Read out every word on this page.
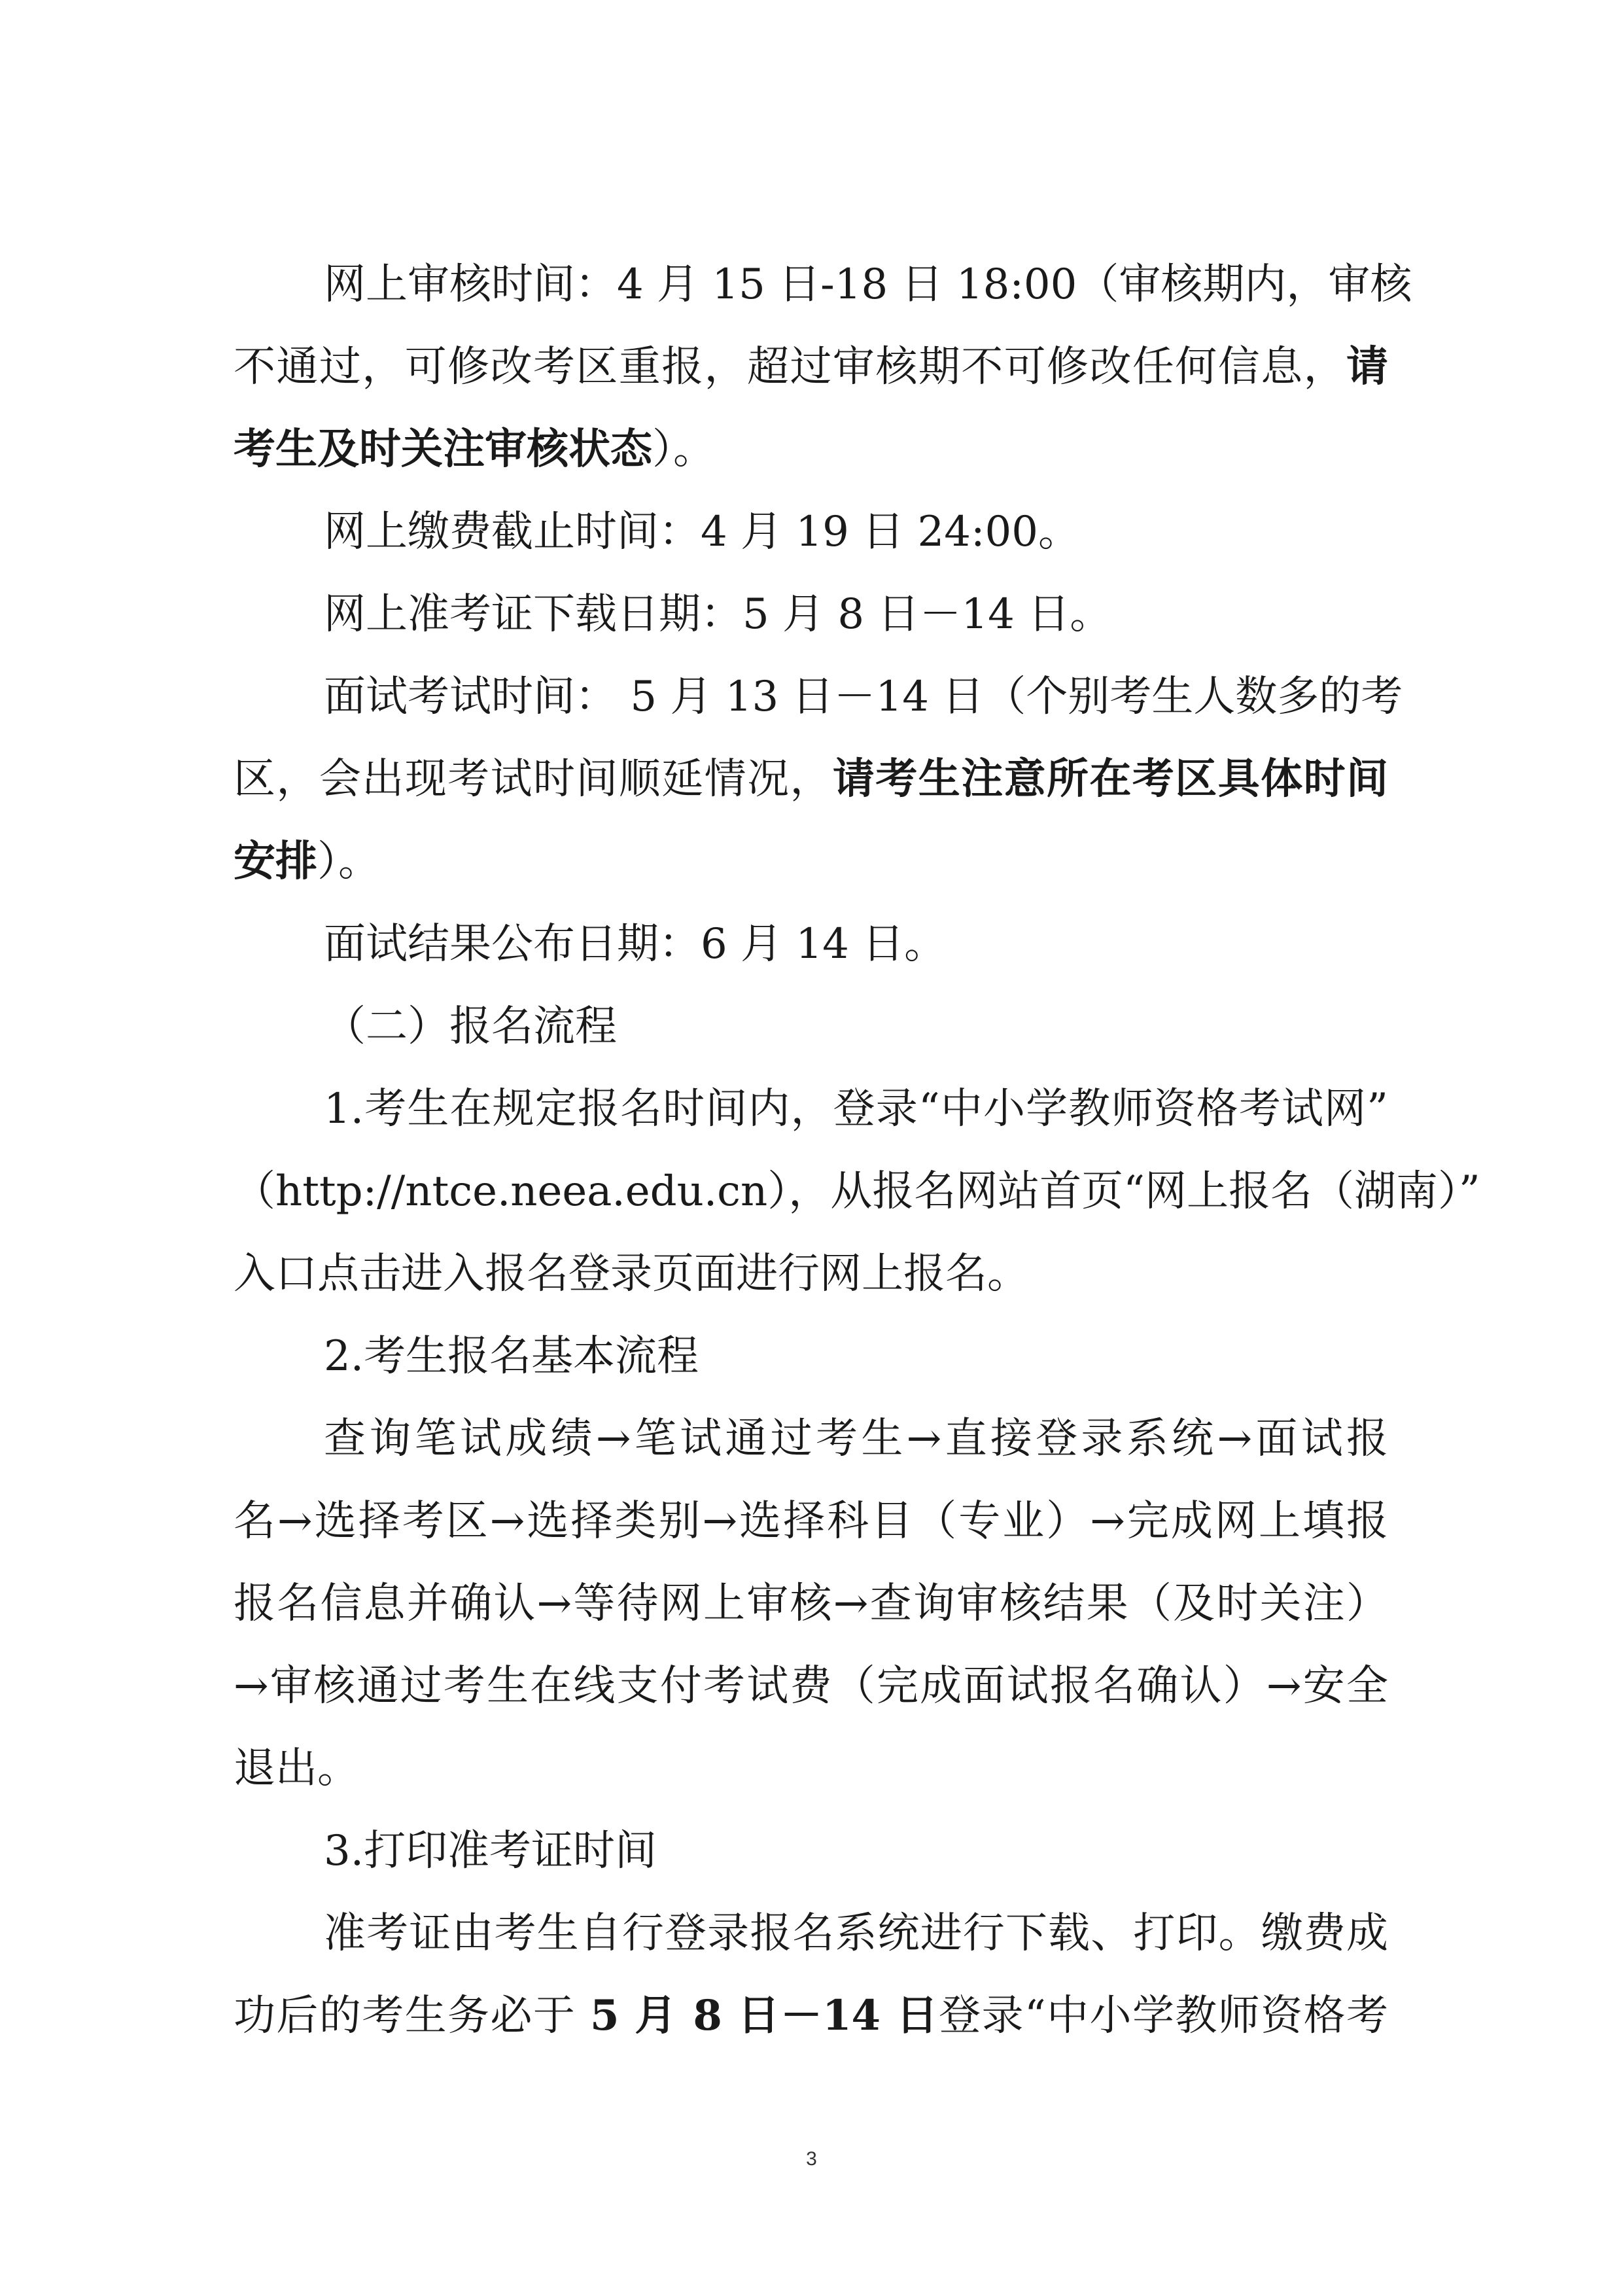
网上审核时间：4 月 15 日-18 日 18:00（审核期内，审核
不通过，可修改考区重报，超过审核期不可修改任何信息，请
考生及时关注审核状态）。
网上缴费截止时间：4 月 19 日 24:00。
网上准考证下载日期：5 月 8 日－14 日。
面试考试时间： 5 月 13 日－14 日（个别考生人数多的考
区，会出现考试时间顺延情况，请考生注意所在考区具体时间
安排）。
面试结果公布日期：6 月 14 日。
（二）报名流程
1.考生在规定报名时间内，登录“中小学教师资格考试网”
（http://ntce.neea.edu.cn），从报名网站首页“网上报名（湖南）”
入口点击进入报名登录页面进行网上报名。
2.考生报名基本流程
查询笔试成绩→笔试通过考生→直接登录系统→面试报
名→选择考区→选择类别→选择科目（专业）→完成网上填报
报名信息并确认→等待网上审核→查询审核结果（及时关注）
→审核通过考生在线支付考试费（完成面试报名确认）→安全
退出。
3.打印准考证时间
准考证由考生自行登录报名系统进行下载、打印。缴费成
功后的考生务必于 5 月 8 日－14 日登录“中小学教师资格考
3
